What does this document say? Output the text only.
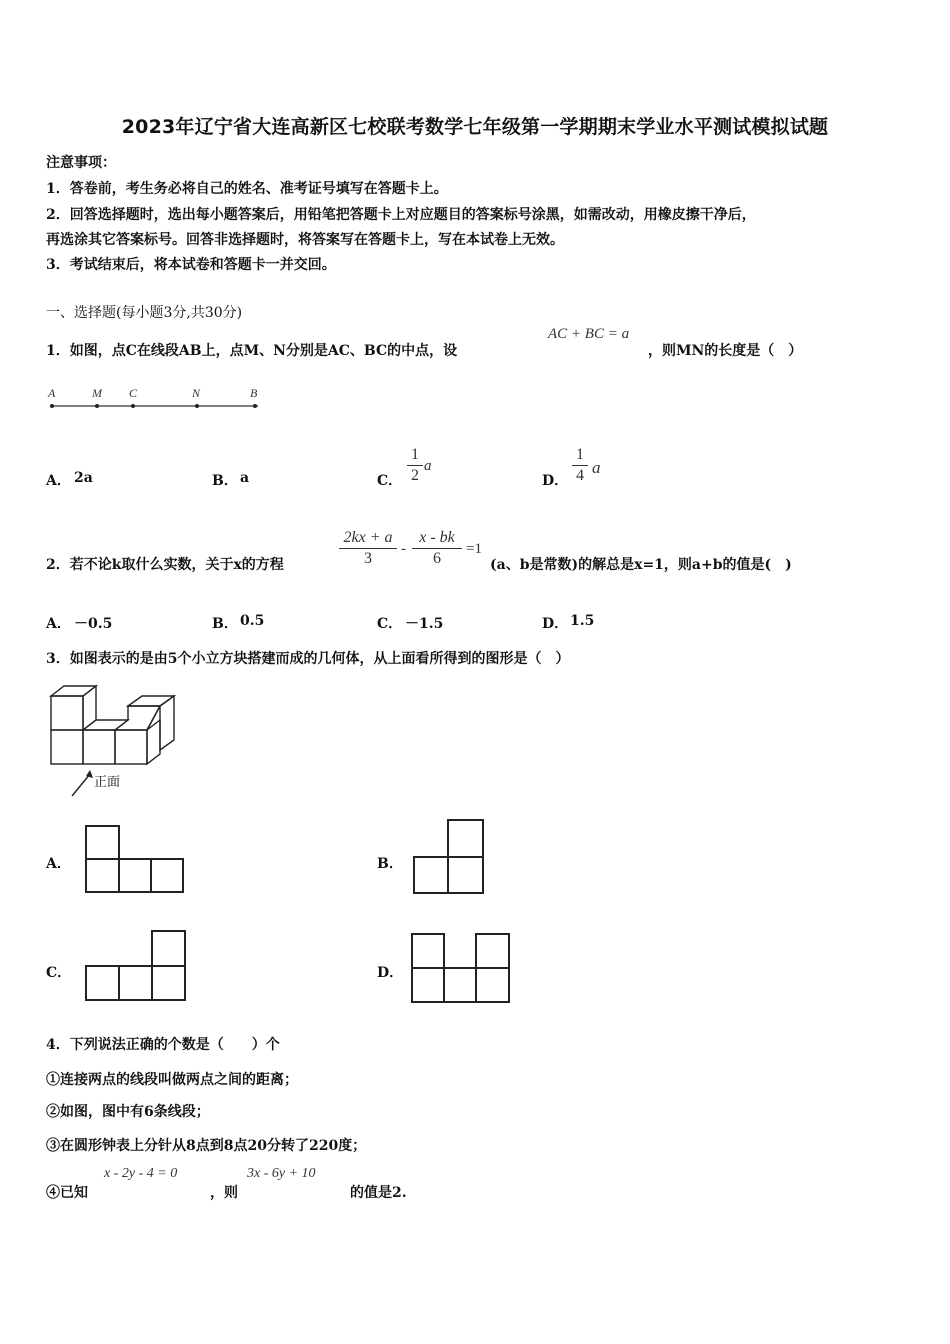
2023年辽宁省大连高新区七校联考数学七年级第一学期期末学业水平测试模拟试题
注意事项：
1．答卷前，考生务必将自己的姓名、准考证号填写在答题卡上。
2．回答选择题时，选出每小题答案后，用铅笔把答题卡上对应题目的答案标号涂黑，如需改动，用橡皮擦干净后，
再选涂其它答案标号。回答非选择题时，将答案写在答题卡上，写在本试卷上无效。
3．考试结束后，将本试卷和答题卡一并交回。
一、选择题(每小题3分,共30分)
1．如图，点C在线段AB上，点M、N分别是AC、BC的中点，设
AC + BC = a
，则MN的长度是（　）
A	M C	N	B
A． 2a	B． a	C．
1
2
a
D．
1
4 a
2．若不论k取什么实数，关于x的方程
2kx + a
3
-
x - bk
6
=1
(a、b是常数)的解总是x=1，则a+b的值是(　)
A． －0.5	B． 0.5	C． －1.5	D． 1.5
3．如图表示的是由5个小立方块搭建而成的几何体，从上面看所得到的图形是（　）
正面
A．	B．
C．	D．
4．下列说法正确的个数是（　　）个
①连接两点的线段叫做两点之间的距离；
②如图，图中有6条线段；
③在圆形钟表上分针从8点到8点20分转了220度；
④已知
x - 2y - 4 = 0
，则
3x - 6y + 10
的值是2.
